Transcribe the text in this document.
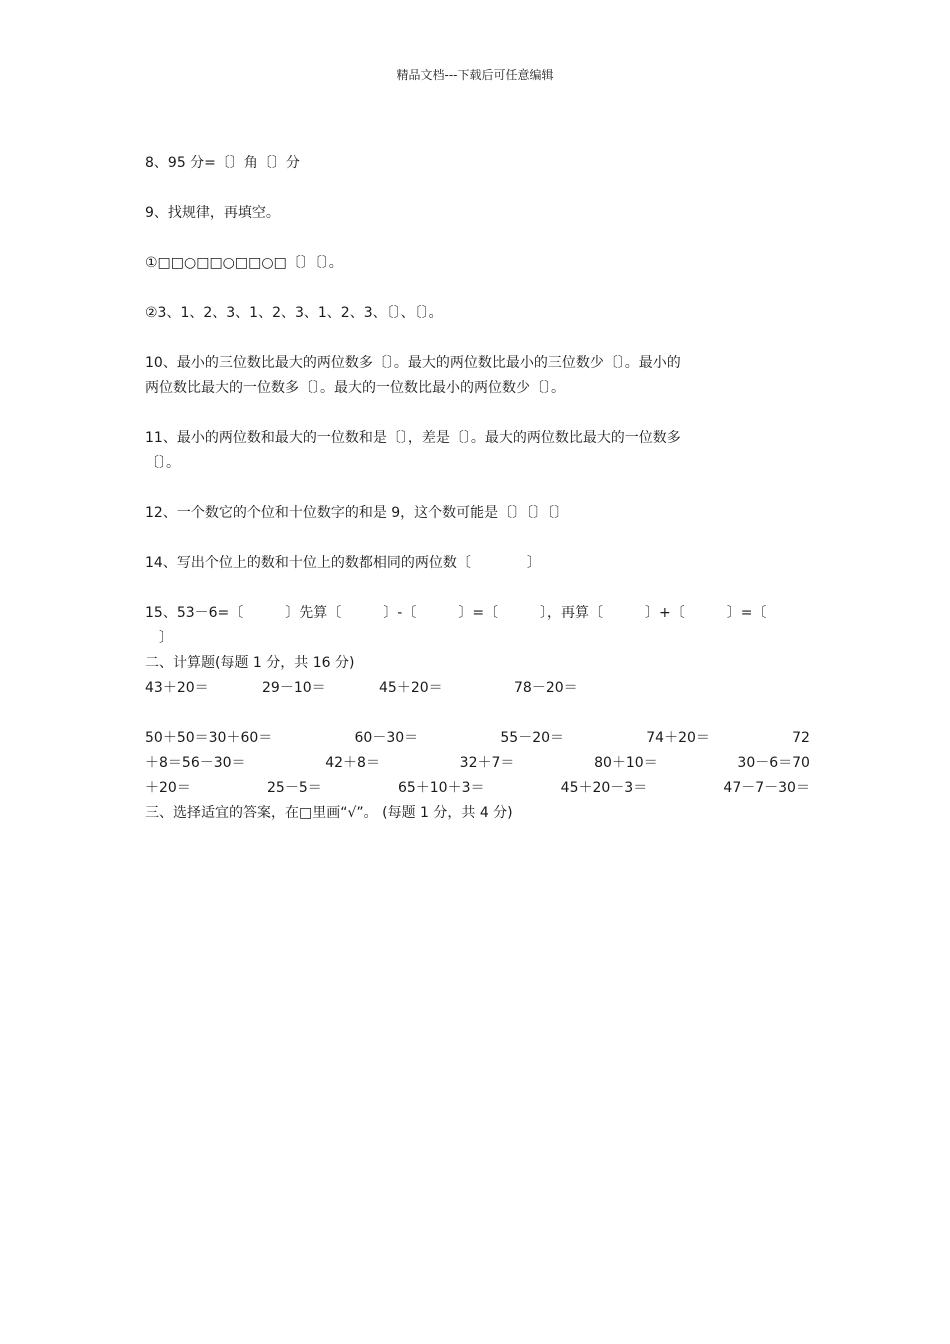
精品文档---下载后可任意编辑
8、95 分=〔〕角〔〕分
9、找规律，再填空。
①□□○□□○□□○□〔〕〔〕。
②3、1、2、3、1、2、3、1、2、3、〔〕、〔〕。
10、最小的三位数比最大的两位数多〔〕。最大的两位数比最小的三位数少〔〕。最小的
两位数比最大的一位数多〔〕。最大的一位数比最小的两位数少〔〕。
11、最小的两位数和最大的一位数和是〔〕，差是〔〕。最大的两位数比最大的一位数多
〔〕。
12、一个数它的个位和十位数字的和是 9，这个数可能是〔〕〔〕〔〕
14、写出个位上的数和十位上的数都相同的两位数〔　　　　〕
15、53－6=〔　　　〕先算〔　　　〕-〔　　　〕=〔　　　〕，再算〔　　　〕+〔　　　〕=〔
　〕
二、计算题(每题 1 分，共 16 分)
43＋20＝	29－10＝	45＋20＝	78－20＝
50＋50＝30＋60＝	60－30＝	55－20＝	74＋20＝	72
＋8＝56－30＝	42＋8＝	32＋7＝	80＋10＝	30－6＝70
＋20＝	25－5＝	65＋10＋3＝	45＋20－3＝	47－7－30＝
三、选择适宜的答案，在□里画“√”。 (每题 1 分，共 4 分)
